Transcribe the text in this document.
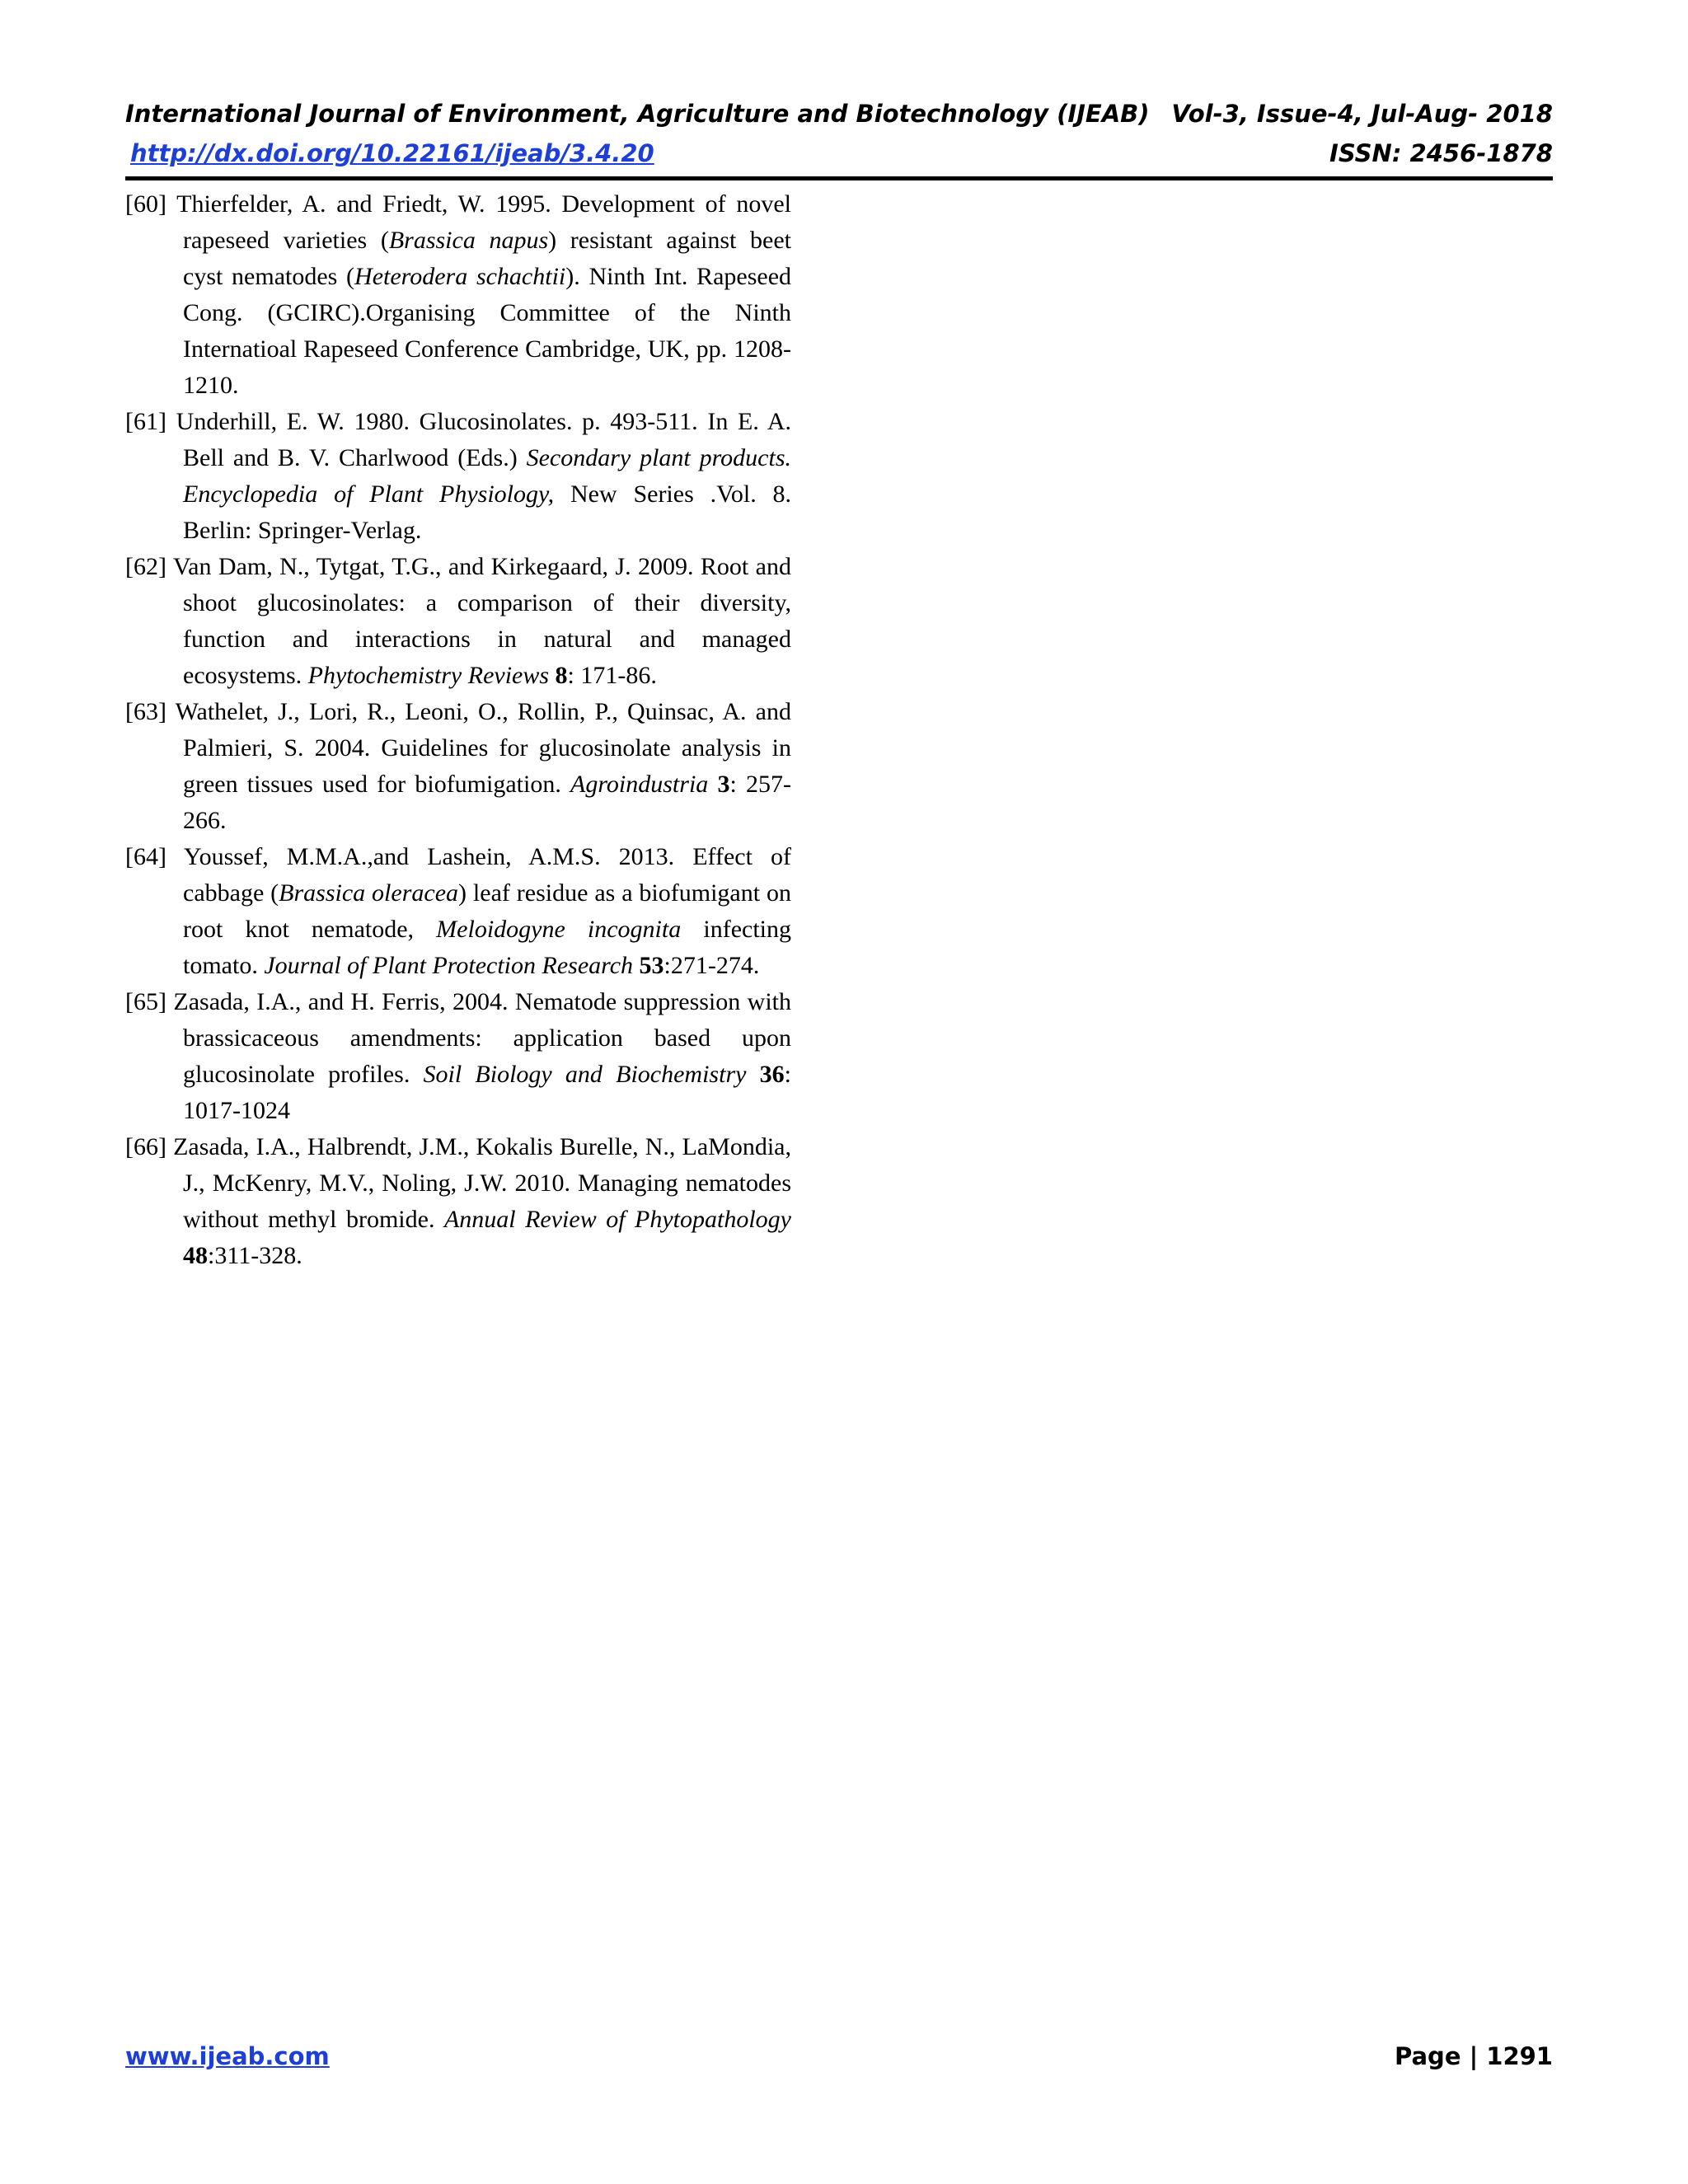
International Journal of Environment, Agriculture and Biotechnology (IJEAB) Vol-3, Issue-4, Jul-Aug- 2018
http://dx.doi.org/10.22161/ijeab/3.4.20	ISSN: 2456-1878

[60] Thierfelder, A. and Friedt, W. 1995. Development of novel rapeseed varieties (Brassica napus) resistant against beet cyst nematodes (Heterodera schachtii). Ninth Int. Rapeseed Cong. (GCIRC).Organising Committee of the Ninth Internatioal Rapeseed Conference Cambridge, UK, pp. 1208-1210.

[61] Underhill, E. W. 1980. Glucosinolates. p. 493-511. In E. A. Bell and B. V. Charlwood (Eds.) Secondary plant products. Encyclopedia of Plant Physiology, New Series .Vol. 8. Berlin: Springer-Verlag.

[62] Van Dam, N., Tytgat, T.G., and Kirkegaard, J. 2009. Root and shoot glucosinolates: a comparison of their diversity, function and interactions in natural and managed ecosystems. Phytochemistry Reviews 8: 171-86.

[63] Wathelet, J., Lori, R., Leoni, O., Rollin, P., Quinsac, A. and Palmieri, S. 2004. Guidelines for glucosinolate analysis in green tissues used for biofumigation. Agroindustria 3: 257-266.

[64] Youssef, M.M.A.,and Lashein, A.M.S. 2013. Effect of cabbage (Brassica oleracea) leaf residue as a biofumigant on root knot nematode, Meloidogyne incognita infecting tomato. Journal of Plant Protection Research 53:271-274.

[65] Zasada, I.A., and H. Ferris, 2004. Nematode suppression with brassicaceous amendments: application based upon glucosinolate profiles. Soil Biology and Biochemistry 36: 1017-1024

[66] Zasada, I.A., Halbrendt, J.M., Kokalis Burelle, N., LaMondia, J., McKenry, M.V., Noling, J.W. 2010. Managing nematodes without methyl bromide. Annual Review of Phytopathology 48:311-328.

www.ijeab.com	Page | 1291
